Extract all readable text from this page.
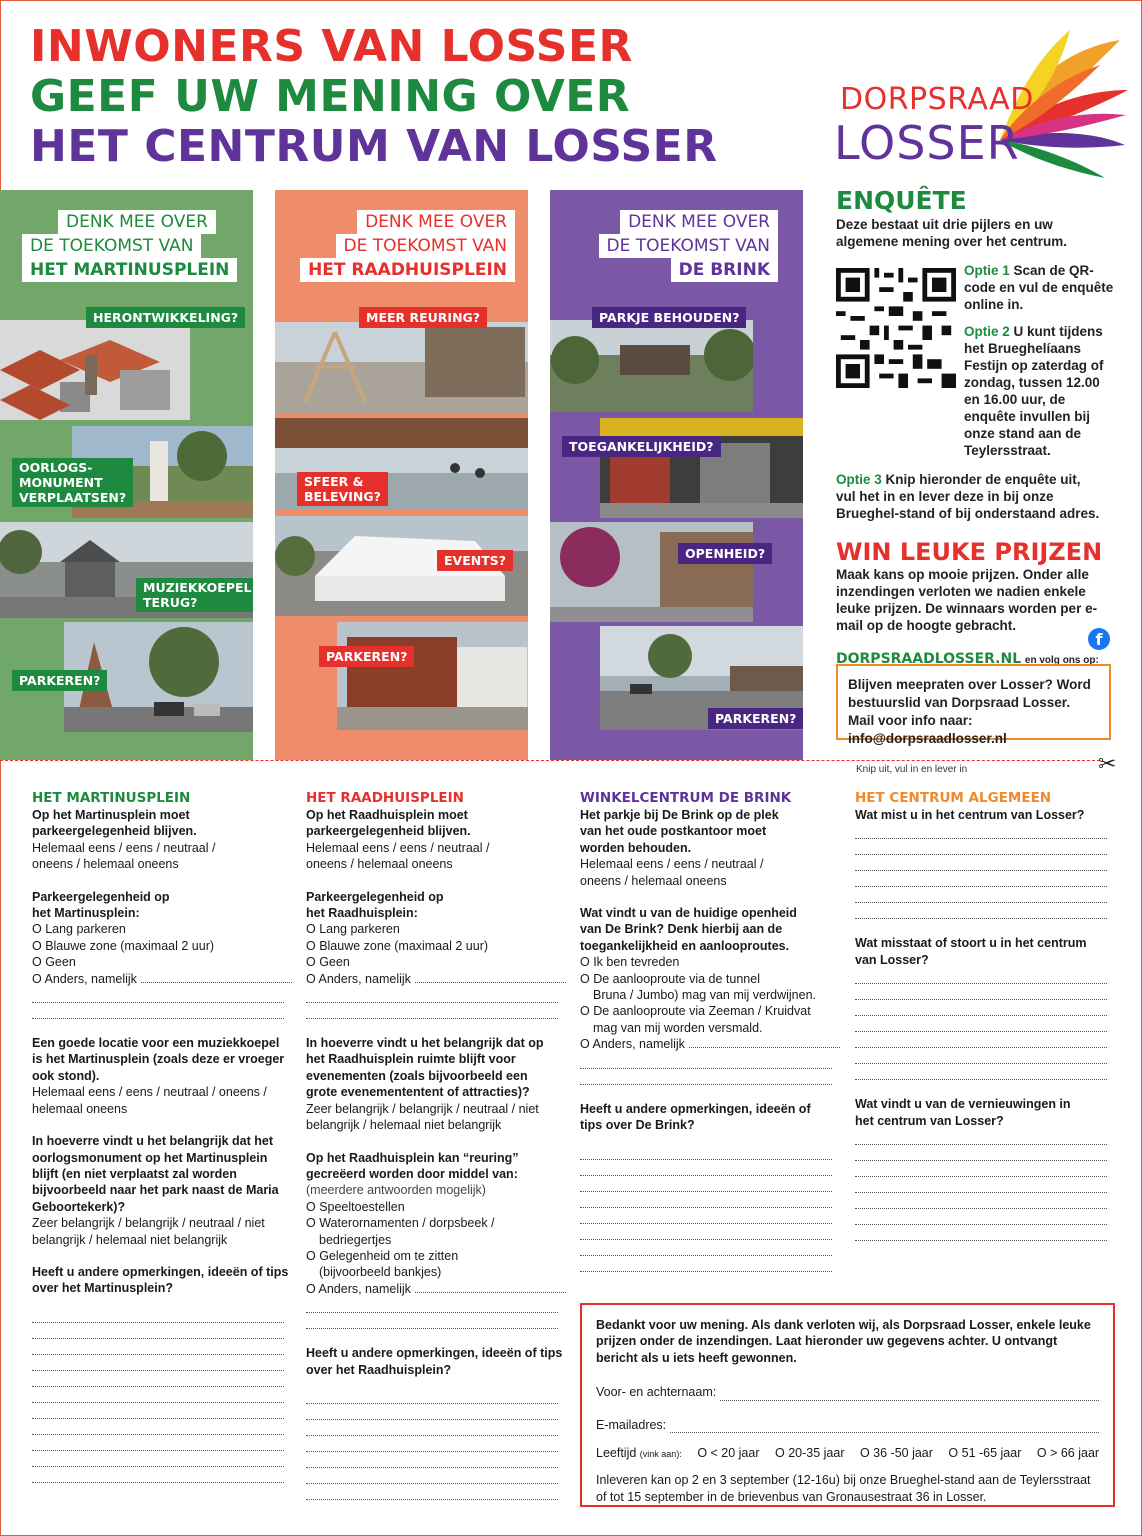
INWONERS VAN LOSSER
GEEF UW MENING OVER
HET CENTRUM VAN LOSSER
DORPSRAAD
LOSSER
DENK MEE OVER
DE TOEKOMST VAN
HET MARTINUSPLEIN
HERONTWIKKELING?
OORLOGS-
MONUMENT
VERPLAATSEN?
MUZIEKKOEPEL
TERUG?
PARKEREN?
DENK MEE OVER
DE TOEKOMST VAN
HET RAADHUISPLEIN
MEER REURING?
SFEER &
BELEVING?
EVENTS?
PARKEREN?
DENK MEE OVER
DE TOEKOMST VAN
DE BRINK
PARKJE BEHOUDEN?
TOEGANKELIJKHEID?
OPENHEID?
PARKEREN?
ENQUÊTE
Deze bestaat uit drie pijlers en uw algemene mening over het centrum.
Optie 1 Scan de QR-code en vul de enquête online in.
Optie 2 U kunt tijdens het Brueghelíaans Festijn op zaterdag of zondag, tussen 12.00 en 16.00 uur, de enquête invullen bij onze stand aan de Teylersstraat.
Optie 3 Knip hieronder de enquête uit, vul het in en lever deze in bij onze Brueghel-stand of bij onderstaand adres.
WIN LEUKE PRIJZEN
Maak kans op mooie prijzen. Onder alle inzendingen verloten we nadien enkele leuke prijzen. De winnaars worden per e-mail op de hoogte gebracht.
DORPSRAADLOSSER.NL en volg ons op:
f
Blijven meepraten over Losser? Word bestuurslid van Dorpsraad Losser. Mail voor info naar: info@dorpsraadlosser.nl
Knip uit, vul in en lever in	✂
HET MARTINUSPLEIN
Op het Martinusplein moet parkeergelegenheid blijven.
Helemaal eens / eens / neutraal / oneens / helemaal oneens
Parkeergelegenheid op het Martinusplein:
O Lang parkeren
O Blauwe zone (maximaal 2 uur)
O Geen
O Anders, namelijk
Een goede locatie voor een muziekkoepel is het Martinusplein (zoals deze er vroeger ook stond).
Helemaal eens / eens / neutraal / oneens / helemaal oneens
In hoeverre vindt u het belangrijk dat het oorlogsmonument op het Martinusplein blijft (en niet verplaatst zal worden bijvoorbeeld naar het park naast de Maria Geboortekerk)?
Zeer belangrijk / belangrijk / neutraal / niet belangrijk / helemaal niet belangrijk
Heeft u andere opmerkingen, ideeën of tips over het Martinusplein?
HET RAADHUISPLEIN
Op het Raadhuisplein moet parkeergelegenheid blijven.
Helemaal eens / eens / neutraal / oneens / helemaal oneens
Parkeergelegenheid op het Raadhuisplein:
O Lang parkeren
O Blauwe zone (maximaal 2 uur)
O Geen
O Anders, namelijk
In hoeverre vindt u het belangrijk dat op het Raadhuisplein ruimte blijft voor evenementen (zoals bijvoorbeeld een grote evenemententent of attracties)?
Zeer belangrijk / belangrijk / neutraal / niet belangrijk / helemaal niet belangrijk
Op het Raadhuisplein kan “reuring” gecreëerd worden door middel van:
(meerdere antwoorden mogelijk)
O Speeltoestellen
O Waterornamenten / dorpsbeek / bedriegertjes
O Gelegenheid om te zitten (bijvoorbeeld bankjes)
O Anders, namelijk
Heeft u andere opmerkingen, ideeën of tips over het Raadhuisplein?
WINKELCENTRUM DE BRINK
Het parkje bij De Brink op de plek van het oude postkantoor moet worden behouden.
Helemaal eens / eens / neutraal / oneens / helemaal oneens
Wat vindt u van de huidige openheid van De Brink? Denk hierbij aan de toegankelijkheid en aanlooproutes.
O Ik ben tevreden
O De aanlooproute via de tunnel
Bruna / Jumbo) mag van mij verdwijnen.
O De aanlooproute via Zeeman / Kruidvat
mag van mij worden versmald.
O Anders, namelijk
Heeft u andere opmerkingen, ideeën of tips over De Brink?
HET CENTRUM ALGEMEEN
Wat mist u in het centrum van Losser?
Wat misstaat of stoort u in het centrum van Losser?
Wat vindt u van de vernieuwingen in het centrum van Losser?
Bedankt voor uw mening. Als dank verloten wij, als Dorpsraad Losser, enkele leuke prijzen onder de inzendingen. Laat hieronder uw gegevens achter. U ontvangt bericht als u iets heeft gewonnen.
Voor- en achternaam:
E-mailadres:
Leeftijd (vink aan): O < 20 jaar O 20-35 jaar O 36 -50 jaar O 51 -65 jaar O > 66 jaar
Inleveren kan op 2 en 3 september (12-16u) bij onze Brueghel-stand aan de Teylersstraat of tot 15 september in de brievenbus van Gronausestraat 36 in Losser.
